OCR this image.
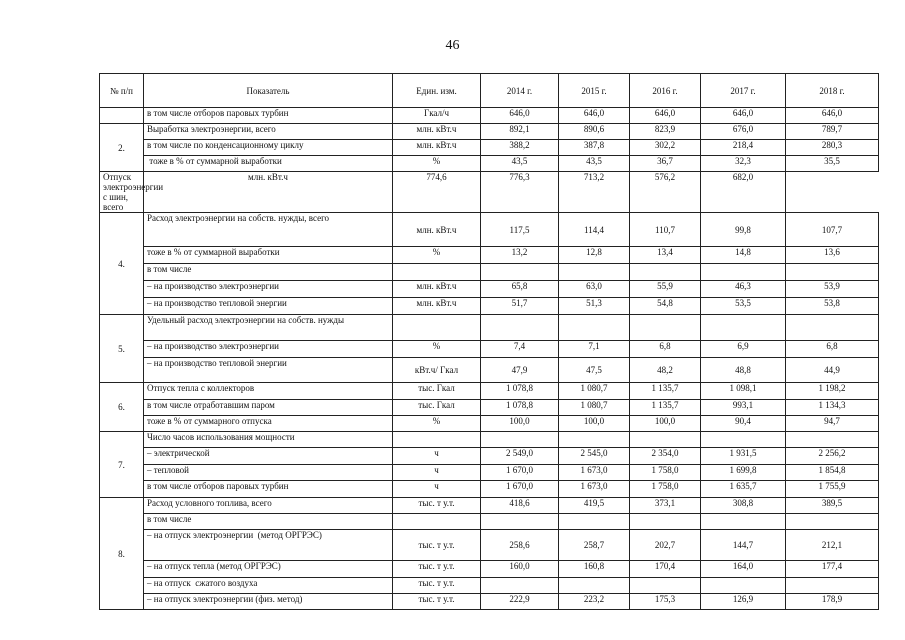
46
№ п/п	Показатель	Един. изм.	2014 г.	2015 г.	2016 г.	2017 г.	2018 г.
	в том числе отборов паровых турбин	Гкал/ч	646,0	646,0	646,0	646,0	646,0
2.	Выработка электроэнергии, всего	млн. кВт.ч	892,1	890,6	823,9	676,0	789,7
	в том числе по конденсационному циклу	млн. кВт.ч	388,2	387,8	302,2	218,4	280,3
	тоже в % от суммарной выработки	%	43,5	43,5	36,7	32,3	35,5
Отпуск электроэнергии с шин, всего	млн. кВт.ч	774,6	776,3	713,2	576,2	682,0	
4.	Расход электроэнергии на собств. нужды, всего	млн. кВт.ч	117,5	114,4	110,7	99,8	107,7
	тоже в % от суммарной выработки	%	13,2	12,8	13,4	14,8	13,6
	в том числе						
	– на производство электроэнергии	млн. кВт.ч	65,8	63,0	55,9	46,3	53,9
	– на производство тепловой энергии	млн. кВт.ч	51,7	51,3	54,8	53,5	53,8
5.	Удельный расход электроэнергии на собств. нужды						

	– на производство электроэнергии	%	7,4	7,1	6,8	6,9	6,8
	– на производство тепловой энергии	кВт.ч/ Гкал	47,9	47,5	48,2	48,8	44,9
6.	Отпуск тепла с коллекторов	тыс. Гкал	1 078,8	1 080,7	1 135,7	1 098,1	1 198,2
	в том числе отработавшим паром	тыс. Гкал	1 078,8	1 080,7	1 135,7	993,1	1 134,3
	тоже в % от суммарного отпуска	%	100,0	100,0	100,0	90,4	94,7
7.	Число часов использования мощности						
	– электрической	ч	2 549,0	2 545,0	2 354,0	1 931,5	2 256,2
	– тепловой	ч	1 670,0	1 673,0	1 758,0	1 699,8	1 854,8
	в том числе отборов паровых турбин	ч	1 670,0	1 673,0	1 758,0	1 635,7	1 755,9
8.	Расход условного топлива, всего	тыс. т у.т.	418,6	419,5	373,1	308,8	389,5
	в том числе						
	– на отпуск электроэнергии  (метод ОРГРЭС)	тыс. т у.т.	258,6	258,7	202,7	144,7	212,1
	– на отпуск тепла (метод ОРГРЭС)	тыс. т у.т.	160,0	160,8	170,4	164,0	177,4
	– на отпуск  сжатого воздуха	тыс. т у.т.					
	– на отпуск электроэнергии (физ. метод)	тыс. т у.т.	222,9	223,2	175,3	126,9	178,9
